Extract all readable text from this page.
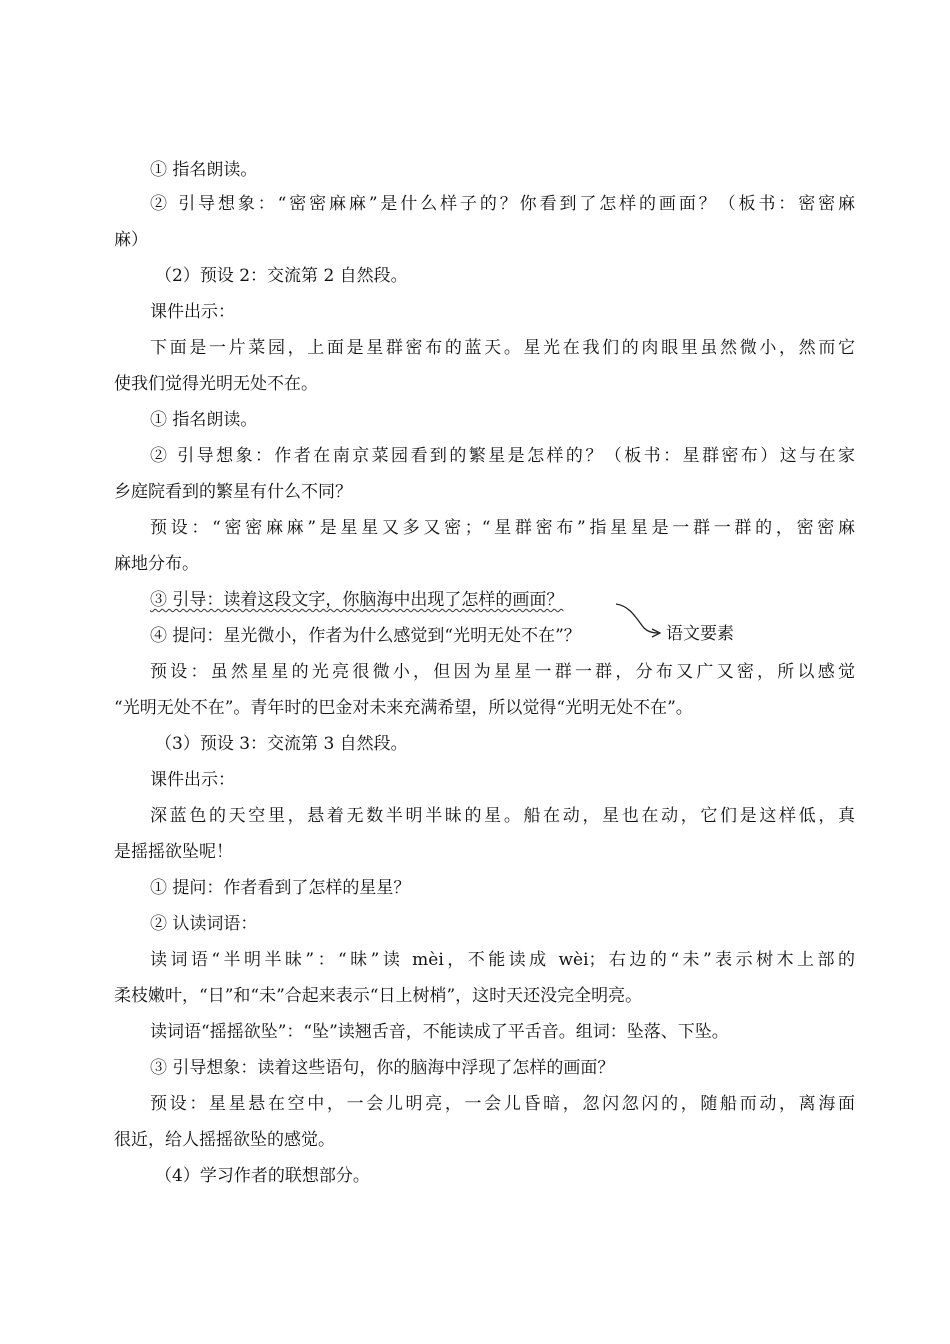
① 指名朗读。
② 引导想象：“密密麻麻”是什么样子的？你看到了怎样的画面？（板书：密密麻
麻）
（2）预设 2：交流第 2 自然段。
课件出示：
下面是一片菜园，上面是星群密布的蓝天。星光在我们的肉眼里虽然微小，然而它
使我们觉得光明无处不在。
① 指名朗读。
② 引导想象：作者在南京菜园看到的繁星是怎样的？（板书：星群密布）这与在家
乡庭院看到的繁星有什么不同？
预设：“密密麻麻”是星星又多又密；“星群密布”指星星是一群一群的，密密麻
麻地分布。
③ 引导：读着这段文字，你脑海中出现了怎样的画面？
④ 提问：星光微小，作者为什么感觉到“光明无处不在”？
预设：虽然星星的光亮很微小，但因为星星一群一群，分布又广又密，所以感觉
“光明无处不在”。青年时的巴金对未来充满希望，所以觉得“光明无处不在”。
（3）预设 3：交流第 3 自然段。
课件出示：
深蓝色的天空里，悬着无数半明半昧的星。船在动，星也在动，它们是这样低，真
是摇摇欲坠呢！
① 提问：作者看到了怎样的星星？
② 认读词语：
读词语“半明半昧”：“昧”读 mèi，不能读成 wèi；右边的“未”表示树木上部的
柔枝嫩叶，“日”和“未”合起来表示“日上树梢”，这时天还没完全明亮。
读词语“摇摇欲坠”：“坠”读翘舌音，不能读成了平舌音。组词：坠落、下坠。
③ 引导想象：读着这些语句，你的脑海中浮现了怎样的画面？
预设：星星悬在空中，一会儿明亮，一会儿昏暗，忽闪忽闪的，随船而动，离海面
很近，给人摇摇欲坠的感觉。
（4）学习作者的联想部分。
语文要素
